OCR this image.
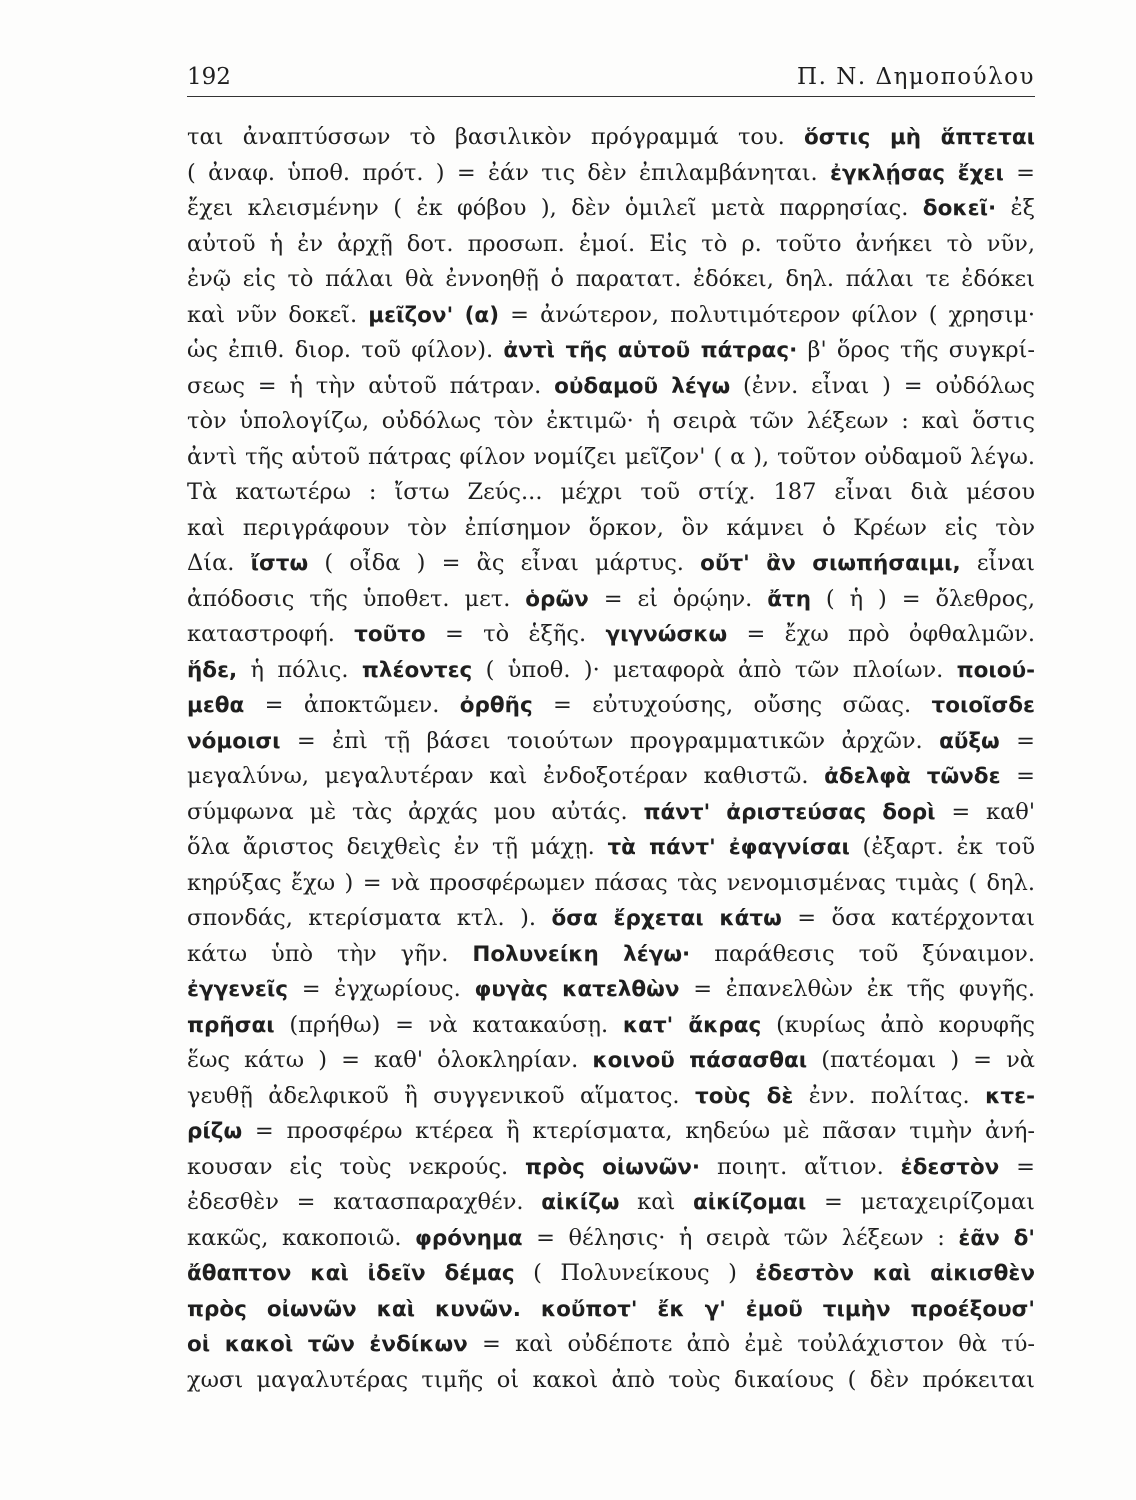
192	Π. Ν. Δημοπούλου
ται ἀναπτύσσων τὸ βασιλικὸν πρόγραμμά του. ὅστις μὴ ἅπτεται
( ἀναφ. ὑποθ. πρότ. ) = ἐάν τις δὲν ἐπιλαμβάνηται. ἐγκλῄσας ἔχει =
ἔχει κλεισμένην ( ἐκ φόβου ), δὲν ὁμιλεῖ μετὰ παρρησίας. δοκεῖ· ἐξ
αὐτοῦ ἡ ἐν ἀρχῇ δοτ. προσωπ. ἐμοί. Εἰς τὸ ρ. τοῦτο ἀνήκει τὸ νῦν,
ἐνῷ εἰς τὸ πάλαι θὰ ἐννοηθῇ ὁ παρατατ. ἐδόκει, δηλ. πάλαι τε ἐδόκει
καὶ νῦν δοκεῖ. μεῖζον' (α) = ἀνώτερον, πολυτιμότερον φίλον ( χρησιμ·
ὡς ἐπιθ. διορ. τοῦ φίλον). ἀντὶ τῆς αὑτοῦ πάτρας· β' ὅρος τῆς συγκρί-
σεως = ἡ τὴν αὑτοῦ πάτραν. οὐδαμοῦ λέγω (ἐνν. εἶναι ) = οὐδόλως
τὸν ὑπολογίζω, οὐδόλως τὸν ἐκτιμῶ· ἡ σειρὰ τῶν λέξεων : καὶ ὅστις
ἀντὶ τῆς αὑτοῦ πάτρας φίλον νομίζει μεῖζον' ( α ), τοῦτον οὐδαμοῦ λέγω.
Τὰ κατωτέρω : ἴστω Ζεύς... μέχρι τοῦ στίχ. 187 εἶναι διὰ μέσου
καὶ περιγράφουν τὸν ἐπίσημον ὅρκον, ὃν κάμνει ὁ Κρέων εἰς τὸν
Δία. ἴστω ( οἶδα ) = ἂς εἶναι μάρτυς. οὔτ' ἂν σιωπήσαιμι, εἶναι
ἀπόδοσις τῆς ὑποθετ. μετ. ὁρῶν = εἰ ὁρῴην. ἄτη ( ἡ ) = ὄλεθρος,
καταστροφή. τοῦτο = τὸ ἑξῆς. γιγνώσκω = ἔχω πρὸ ὀφθαλμῶν.
ἥδε, ἡ πόλις. πλέοντες ( ὑποθ. )· μεταφορὰ ἀπὸ τῶν πλοίων. ποιού-
μεθα = ἀποκτῶμεν. ὀρθῆς = εὐτυχούσης, οὔσης σῶας. τοιοῖσδε
νόμοισι = ἐπὶ τῇ βάσει τοιούτων προγραμματικῶν ἀρχῶν. αὔξω =
μεγαλύνω, μεγαλυτέραν καὶ ἐνδοξοτέραν καθιστῶ. ἀδελφὰ τῶνδε =
σύμφωνα μὲ τὰς ἀρχάς μου αὐτάς. πάντ' ἀριστεύσας δορὶ = καθ'
ὅλα ἄριστος δειχθεὶς ἐν τῇ μάχῃ. τὰ πάντ' ἐφαγνίσαι (ἐξαρτ. ἐκ τοῦ
κηρύξας ἔχω ) = νὰ προσφέρωμεν πάσας τὰς νενομισμένας τιμὰς ( δηλ.
σπονδάς, κτερίσματα κτλ. ). ὅσα ἔρχεται κάτω = ὅσα κατέρχονται
κάτω ὑπὸ τὴν γῆν. Πολυνείκη λέγω· παράθεσις τοῦ ξύναιμον.
ἐγγενεῖς = ἐγχωρίους. φυγὰς κατελθὼν = ἐπανελθὼν ἐκ τῆς φυγῆς.
πρῆσαι (πρήθω) = νὰ κατακαύσῃ. κατ' ἄκρας (κυρίως ἀπὸ κορυφῆς
ἕως κάτω ) = καθ' ὁλοκληρίαν. κοινοῦ πάσασθαι (πατέομαι ) = νὰ
γευθῇ ἀδελφικοῦ ἢ συγγενικοῦ αἵματος. τοὺς δὲ ἐνν. πολίτας. κτε-
ρίζω = προσφέρω κτέρεα ἢ κτερίσματα, κηδεύω μὲ πᾶσαν τιμὴν ἀνή-
κουσαν εἰς τοὺς νεκρούς. πρὸς οἰωνῶν· ποιητ. αἴτιον. ἐδεστὸν =
ἐδεσθὲν = κατασπαραχθέν. αἰκίζω καὶ αἰκίζομαι = μεταχειρίζομαι
κακῶς, κακοποιῶ. φρόνημα = θέλησις· ἡ σειρὰ τῶν λέξεων : ἐᾶν δ'
ἄθαπτον καὶ ἰδεῖν δέμας ( Πολυνείκους ) ἐδεστὸν καὶ αἰκισθὲν
πρὸς οἰωνῶν καὶ κυνῶν. κοὔποτ' ἔκ γ' ἐμοῦ τιμὴν προέξουσ'
οἱ κακοὶ τῶν ἐνδίκων = καὶ οὐδέποτε ἀπὸ ἐμὲ τοὐλάχιστον θὰ τύ-
χωσι μαγαλυτέρας τιμῆς οἱ κακοὶ ἀπὸ τοὺς δικαίους ( δὲν πρόκειται
